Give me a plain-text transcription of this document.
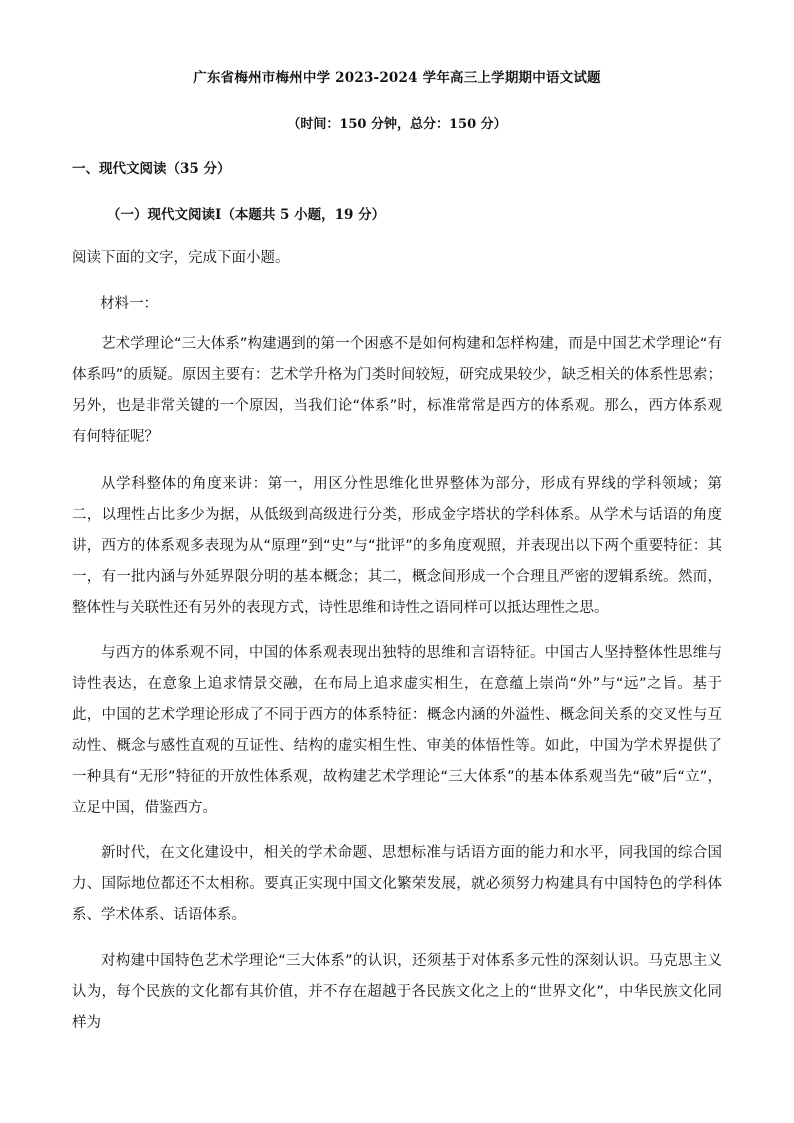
广东省梅州市梅州中学 2023-2024 学年高三上学期期中语文试题
（时间：150 分钟，总分：150 分）
一、现代文阅读（35 分）
（一）现代文阅读Ⅰ（本题共 5 小题，19 分）
阅读下面的文字，完成下面小题。
材料一：

艺术学理论“三大体系”构建遇到的第一个困惑不是如何构建和怎样构建，而是中国艺术学理论“有体系吗”的质疑。原因主要有：艺术学升格为门类时间较短，研究成果较少，缺乏相关的体系性思索；另外，也是非常关键的一个原因，当我们论“体系”时，标准常常是西方的体系观。那么，西方体系观有何特征呢？

从学科整体的角度来讲：第一，用区分性思维化世界整体为部分，形成有界线的学科领域；第二，以理性占比多少为据，从低级到高级进行分类，形成金字塔状的学科体系。从学术与话语的角度讲，西方的体系观多表现为从“原理”到“史”与“批评”的多角度观照，并表现出以下两个重要特征：其一，有一批内涵与外延界限分明的基本概念；其二，概念间形成一个合理且严密的逻辑系统。然而，整体性与关联性还有另外的表现方式，诗性思维和诗性之语同样可以抵达理性之思。

与西方的体系观不同，中国的体系观表现出独特的思维和言语特征。中国古人坚持整体性思维与诗性表达，在意象上追求情景交融，在布局上追求虚实相生，在意蕴上崇尚“外”与“远”之旨。基于此，中国的艺术学理论形成了不同于西方的体系特征：概念内涵的外溢性、概念间关系的交叉性与互动性、概念与感性直观的互证性、结构的虚实相生性、审美的体悟性等。如此，中国为学术界提供了一种具有“无形”特征的开放性体系观，故构建艺术学理论“三大体系”的基本体系观当先“破”后“立”，立足中国，借鉴西方。

新时代，在文化建设中，相关的学术命题、思想标准与话语方面的能力和水平，同我国的综合国力、国际地位都还不太相称。要真正实现中国文化繁荣发展，就必须努力构建具有中国特色的学科体系、学术体系、话语体系。

对构建中国特色艺术学理论“三大体系”的认识，还须基于对体系多元性的深刻认识。马克思主义认为，每个民族的文化都有其价值，并不存在超越于各民族文化之上的“世界文化”，中华民族文化同样为
